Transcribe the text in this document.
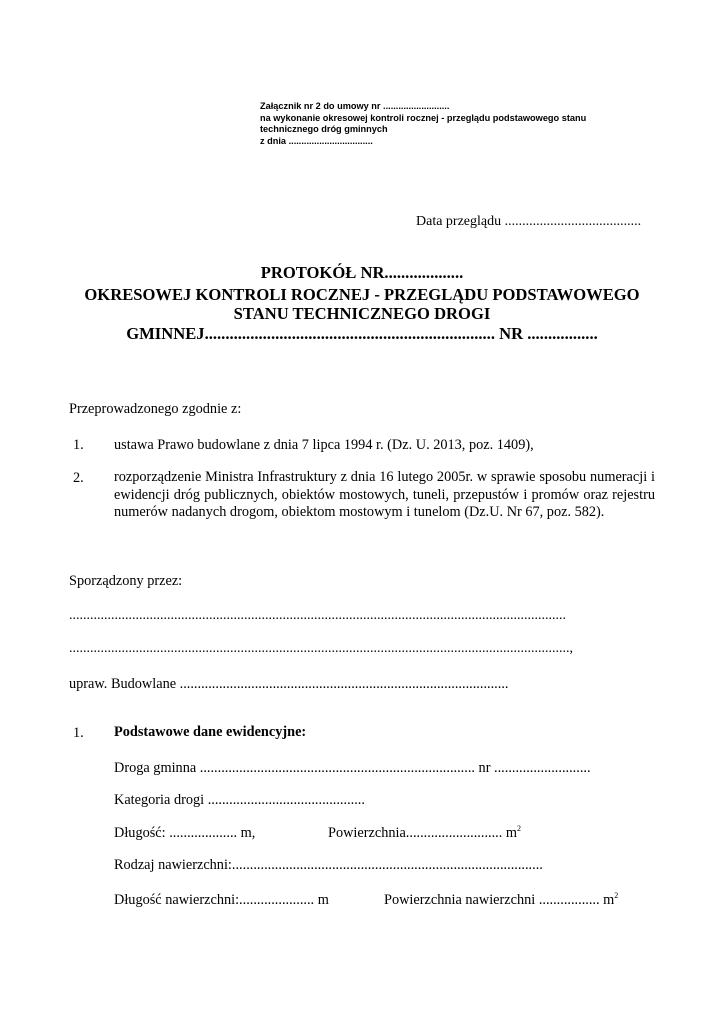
Załącznik nr 2 do umowy nr ..........................
na wykonanie okresowej kontroli rocznej - przeglądu podstawowego stanu
technicznego dróg gminnych
z dnia .................................
Data przeglądu .......................................
PROTOKÓŁ NR...................
OKRESOWEJ KONTROLI ROCZNEJ - PRZEGLĄDU PODSTAWOWEGO
STANU TECHNICZNEGO DROGI
GMINNEJ...................................................................... NR .................
Przeprowadzonego zgodnie z:
1. ustawa Prawo budowlane z dnia 7 lipca 1994 r. (Dz. U. 2013, poz. 1409),
2. rozporządzenie Ministra Infrastruktury z dnia 16 lutego 2005r. w sprawie sposobu numeracji i ewidencji dróg publicznych, obiektów mostowych, tuneli, przepustów i promów oraz rejestru numerów nadanych drogom, obiektom mostowym i tunelom (Dz.U. Nr 67, poz. 582).
Sporządzony przez:
..............................................................................................................................................
...............................................................................................................................................,
upraw. Budowlane ............................................................................................
1. Podstawowe dane ewidencyjne:
Droga gminna ............................................................................. nr ...........................
Kategoria drogi ............................................
Długość: ................... m,	Powierzchnia........................... $m^2$
Rodzaj nawierzchni:.......................................................................................
Długość nawierzchni:..................... m	Powierzchnia nawierzchni ................. $m^2$
